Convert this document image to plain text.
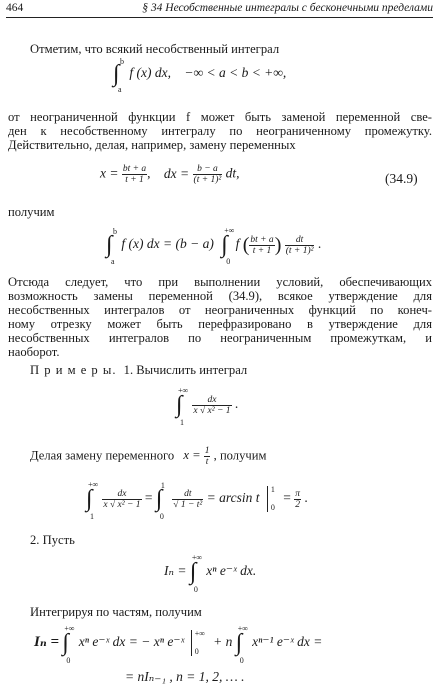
464	§ 34 Несобственные интегралы с бесконечными пределами
Отметим, что всякий несобственный интеграл
∫ b
a
f (x) dx, −∞ < a < b < +∞,
от неограниченной функции f может быть заменой переменной све-
ден к несобственному интегралу по неограниченному промежутку.
Действительно, делая, например, замену переменных
$x = \frac{bt + a}{t + 1}$ , dx = $\frac{b - a}{\text{(t + 1)²}}$ dt,	(34.9)
получим
∫
b
a
f (x) dx = (b − a) ∫
+∞
0
f ( $\frac{bt + a}{t + 1}$ ) $\frac{dt}{\text{(t + 1)²}}$ .
Отсюда следует, что при выполнении условий, обеспечивающих
возможность замены переменной (34.9), всякое утверждение для
несобственных интегралов от неограниченных функций по конеч-
ному отрезку может быть перефразировано в утверждение для
несобственных интегралов по неограниченным промежуткам, и
наоборот.
П р и м е р ы. 1. Вычислить интеграл
∫
+∞
1

$\frac{dx}{\text{x √ x² − 1}}$ .
Делая замену переменного $x = \frac{1}{t}$ , получим
∫
+∞
1

$\frac{dx}{\text{x √ x² − 1}}$ = ∫
1
0

$\frac{dt}{\text{√ 1 − t²}} = \arcsin t$
1
0
= $\frac{\pi}{2}$ .
2. Пусть
Iₙ = ∫
+∞
0
xⁿ e⁻ˣ dx.
Интегрируя по частям, получим
Iₙ = ∫
+∞
0
xⁿ e⁻ˣ dx = − xⁿ e⁻ˣ
+∞
0
+ n ∫
+∞
0
xⁿ⁻¹ e⁻ˣ dx =
= nIₙ₋₁ , n = 1, 2, … .
